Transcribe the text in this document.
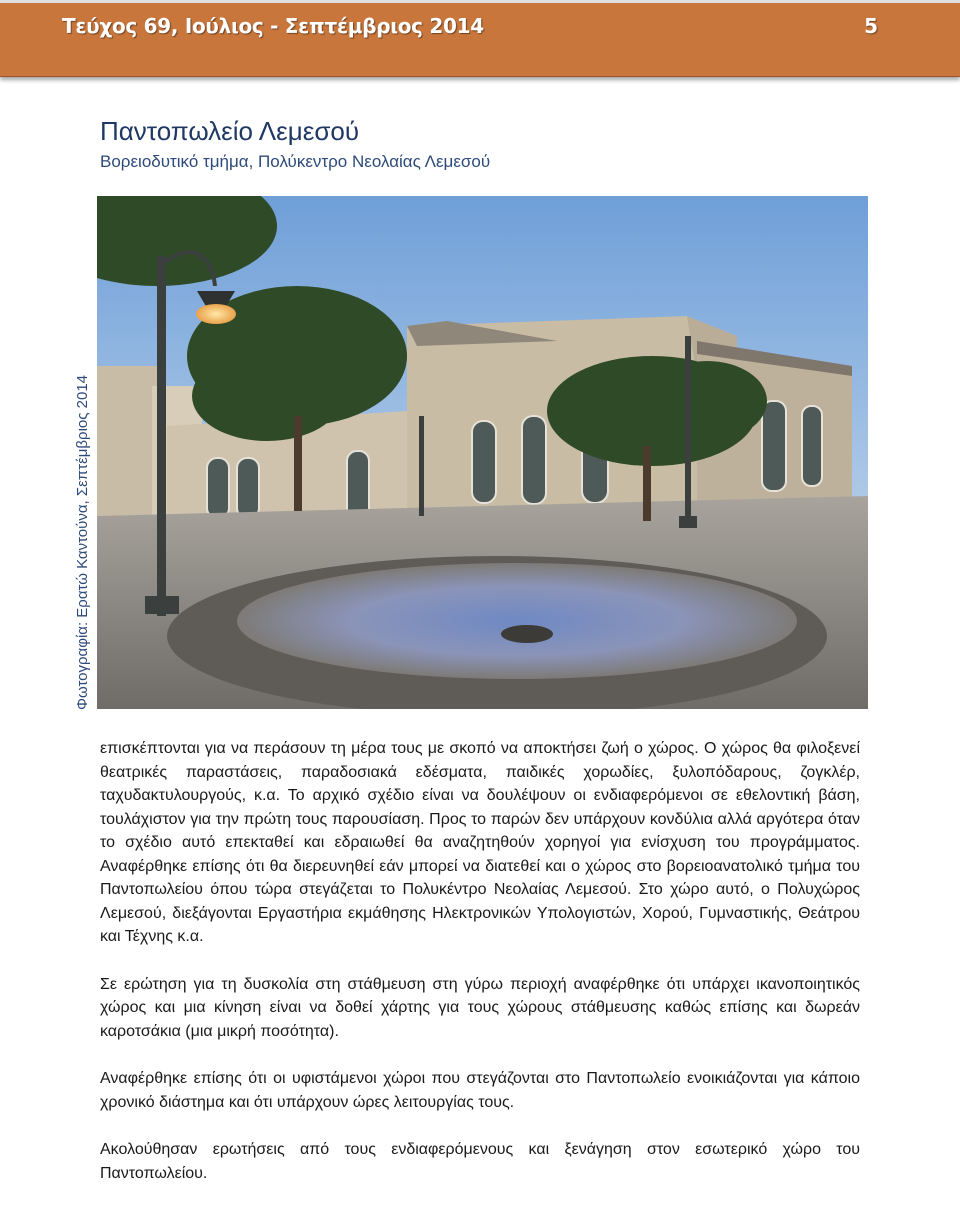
Τεύχος 69, Ιούλιος - Σεπτέμβριος 2014	5
Παντοπωλείο Λεμεσού
Βορειοδυτικό τμήμα, Πολύκεντρο Νεολαίας Λεμεσού
Φωτογραφία: Ερατώ Καντούνα, Σεπτέμβριος 2014

επισκέπτονται για να περάσουν τη μέρα τους με σκοπό να αποκτήσει ζωή ο χώρος. Ο χώρος θα φιλοξενεί θεατρικές παραστάσεις, παραδοσιακά εδέσματα, παιδικές χορωδίες, ξυλοπόδαρους, ζογκλέρ, ταχυδακτυλουργούς, κ.α. Το αρχικό σχέδιο είναι να δουλέψουν οι ενδιαφερόμενοι σε εθελοντική βάση, τουλάχιστον για την πρώτη τους παρουσίαση. Προς το παρών δεν υπάρχουν κονδύλια αλλά αργότερα όταν το σχέδιο αυτό επεκταθεί και εδραιωθεί θα αναζητηθούν χορηγοί για ενίσχυση του προγράμματος. Αναφέρθηκε επίσης ότι θα διερευνηθεί εάν μπορεί να διατεθεί και ο χώρος στο βορειοανατολικό τμήμα του Παντοπωλείου όπου τώρα στεγάζεται το Πολυκέντρο Νεολαίας Λεμεσού. Στο χώρο αυτό, ο Πολυχώρος Λεμεσού, διεξάγονται Εργαστήρια εκμάθησης Ηλεκτρονικών Υπολογιστών, Χορού, Γυμναστικής, Θεάτρου και Τέχνης κ.α.

Σε ερώτηση για τη δυσκολία στη στάθμευση στη γύρω περιοχή αναφέρθηκε ότι υπάρχει ικανοποιητικός χώρος και μια κίνηση είναι να δοθεί χάρτης για τους χώρους στάθμευσης καθώς επίσης και δωρεάν καροτσάκια (μια μικρή ποσότητα).

Αναφέρθηκε επίσης ότι οι υφιστάμενοι χώροι που στεγάζονται στο Παντοπωλείο ενοικιάζονται για κάποιο χρονικό διάστημα και ότι υπάρχουν ώρες λειτουργίας τους.

Ακολούθησαν ερωτήσεις από τους ενδιαφερόμενους και ξενάγηση στον εσωτερικό χώρο του Παντοπωλείου.
